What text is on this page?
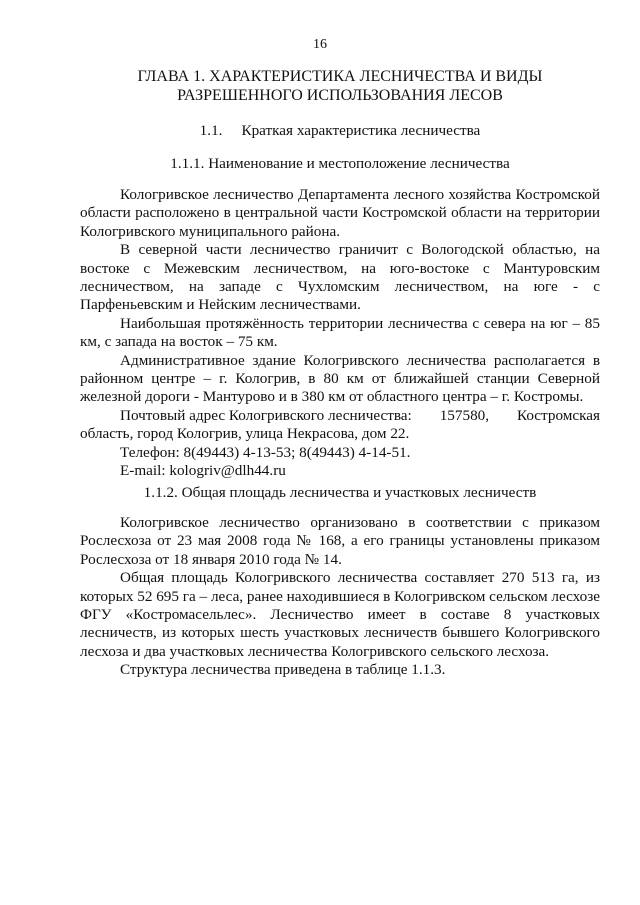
16
ГЛАВА 1. ХАРАКТЕРИСТИКА ЛЕСНИЧЕСТВА И ВИДЫ РАЗРЕШЕННОГО ИСПОЛЬЗОВАНИЯ ЛЕСОВ
1.1. Краткая характеристика лесничества
1.1.1. Наименование и местоположение лесничества

Кологривское лесничество Департамента лесного хозяйства Костромской области расположено в центральной части Костромской области на территории Кологривского муниципального района.

В северной части лесничество граничит с Вологодской областью, на востоке с Межевским лесничеством, на юго-востоке с Мантуровским лесничеством, на западе с Чухломским лесничеством, на юге - с Парфеньевским и Нейским лесничествами.

Наибольшая протяжённость территории лесничества с севера на юг – 85 км, с запада на восток – 75 км.

Административное здание Кологривского лесничества располагается в районном центре – г. Кологрив, в 80 км от ближайшей станции Северной железной дороги - Мантурово и в 380 км от областного центра – г. Костромы.

Почтовый адрес Кологривского лесничества: 157580, Костромская
область, город Кологрив, улица Некрасова, дом 22.
Телефон: 8(49443) 4-13-53; 8(49443) 4-14-51.
E-mail: kologriv@dlh44.ru
1.1.2. Общая площадь лесничества и участковых лесничеств

Кологривское лесничество организовано в соответствии с приказом Рослесхоза от 23 мая 2008 года № 168, а его границы установлены приказом Рослесхоза от 18 января 2010 года № 14.

Общая площадь Кологривского лесничества составляет 270 513 га, из которых 52 695 га – леса, ранее находившиеся в Кологривском сельском лесхозе ФГУ «Костромасельлес». Лесничество имеет в составе 8 участковых лесничеств, из которых шесть участковых лесничеств бывшего Кологривского лесхоза и два участковых лесничества Кологривского сельского лесхоза.

Структура лесничества приведена в таблице 1.1.3.
